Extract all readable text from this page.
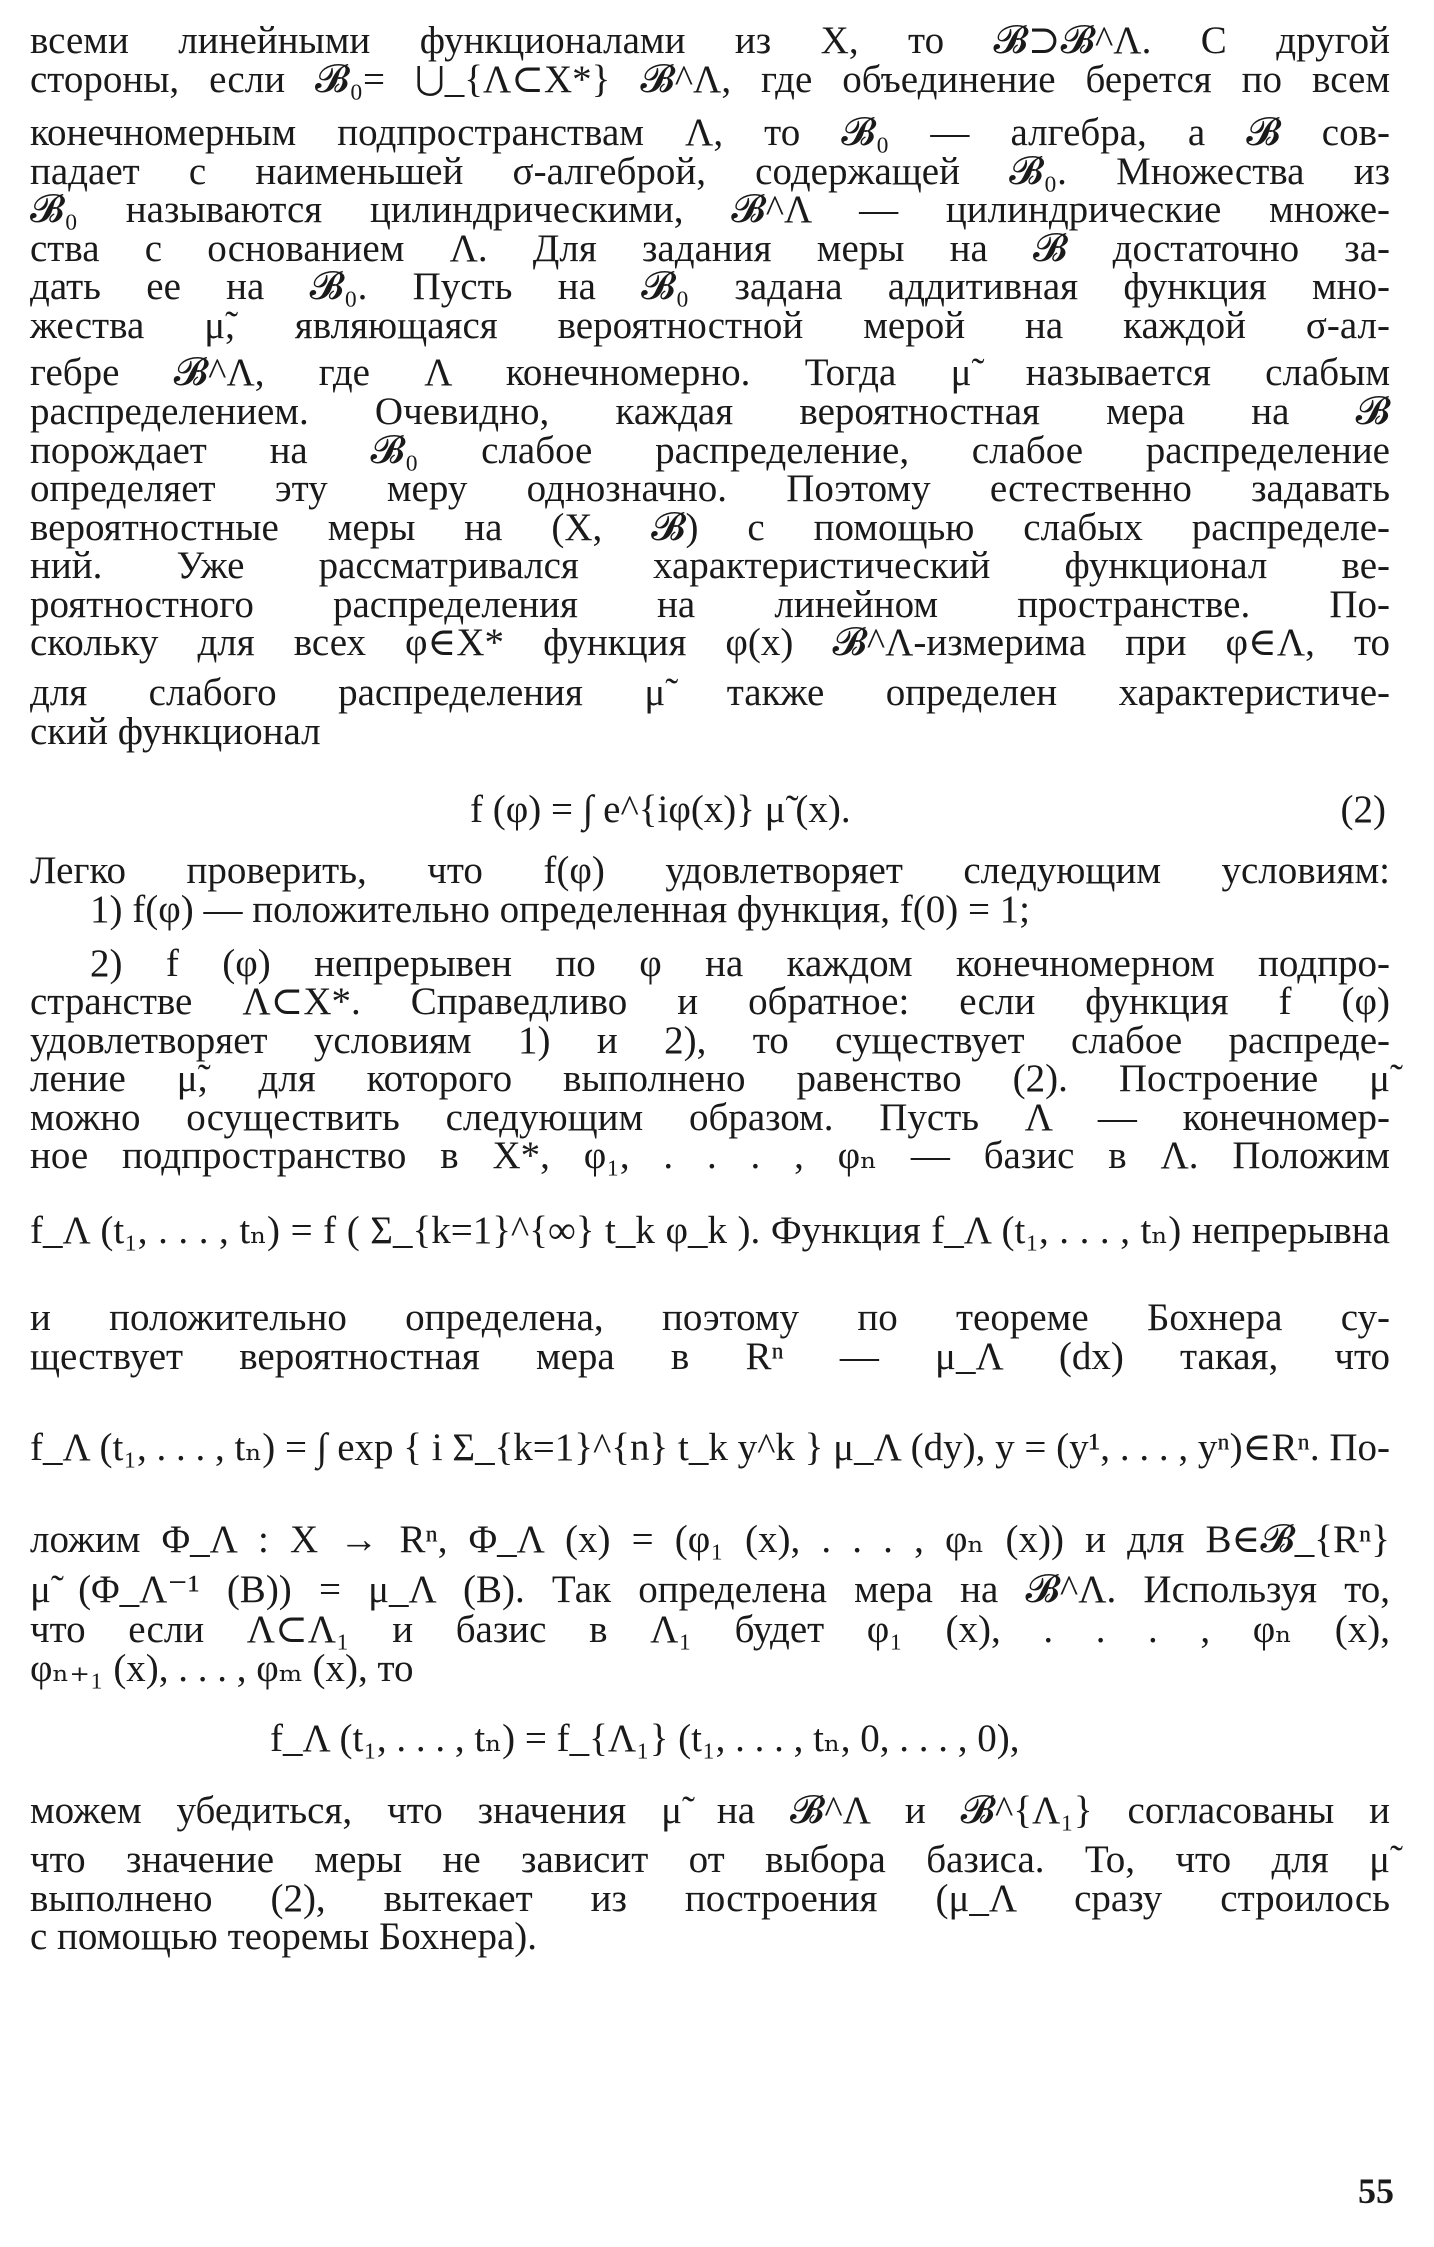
всеми линейными функционалами из X, то 𝓑⊃𝓑^Λ. С другой
стороны, если 𝓑₀= ⋃_{Λ⊂X*} 𝓑^Λ, где объединение берется по всем
конечномерным подпространствам Λ, то 𝓑₀ — алгебра, а 𝓑 сов-
падает с наименьшей σ-алгеброй, содержащей 𝓑₀. Множества из
𝓑₀ называются цилиндрическими, 𝓑^Λ — цилиндрические множе-
ства с основанием Λ. Для задания меры на 𝓑 достаточно за-
дать ее на 𝓑₀. Пусть на 𝓑₀ задана аддитивная функция мно-
жества μ̃, являющаяся вероятностной мерой на каждой σ-ал-
гебре 𝓑^Λ, где Λ конечномерно. Тогда μ̃ называется слабым
распределением. Очевидно, каждая вероятностная мера на 𝓑
порождает на 𝓑₀ слабое распределение, слабое распределение
определяет эту меру однозначно. Поэтому естественно задавать
вероятностные меры на (X, 𝓑) с помощью слабых распределе-
ний. Уже рассматривался характеристический функционал ве-
роятностного распределения на линейном пространстве. По-
скольку для всех φ∈X* функция φ(x) 𝓑^Λ-измерима при φ∈Λ, то
для слабого распределения μ̃ также определен характеристиче-
ский функционал
f (φ) = ∫ e^{iφ(x)} μ̃ (x).	(2)
Легко проверить, что f(φ) удовлетворяет следующим условиям:
1) f(φ) — положительно определенная функция, f(0) = 1;
2) f (φ) непрерывен по φ на каждом конечномерном подпро-
странстве Λ⊂X*. Справедливо и обратное: если функция f (φ)
удовлетворяет условиям 1) и 2), то существует слабое распреде-
ление μ̃, для которого выполнено равенство (2). Построение μ̃
можно осуществить следующим образом. Пусть Λ — конечномер-
ное подпространство в X*, φ₁, . . . , φₙ — базис в Λ. Положим
f_Λ (t₁, . . . , tₙ) = f ( Σ_{k=1}^{∞} t_k φ_k ). Функция f_Λ (t₁, . . . , tₙ) непрерывна
и положительно определена, поэтому по теореме Бохнера су-
ществует вероятностная мера в Rⁿ — μ_Λ (dx) такая, что
f_Λ (t₁, . . . , tₙ) = ∫ exp { i Σ_{k=1}^{n} t_k y^k } μ_Λ (dy), y = (y¹, . . . , yⁿ)∈Rⁿ. По-
ложим Φ_Λ : X → Rⁿ, Φ_Λ (x) = (φ₁ (x), . . . , φₙ (x)) и для B∈𝓑_{Rⁿ}
μ̃ (Φ_Λ⁻¹ (B)) = μ_Λ (B). Так определена мера на 𝓑^Λ. Используя то,
что если Λ⊂Λ₁ и базис в Λ₁ будет φ₁ (x), . . . , φₙ (x),
φₙ₊₁ (x), . . . , φₘ (x), то
f_Λ (t₁, . . . , tₙ) = f_{Λ₁} (t₁, . . . , tₙ, 0, . . . , 0),
можем убедиться, что значения μ̃ на 𝓑^Λ и 𝓑^{Λ₁} согласованы и
что значение меры не зависит от выбора базиса. То, что для μ̃
выполнено (2), вытекает из построения (μ_Λ сразу строилось
с помощью теоремы Бохнера).
55
